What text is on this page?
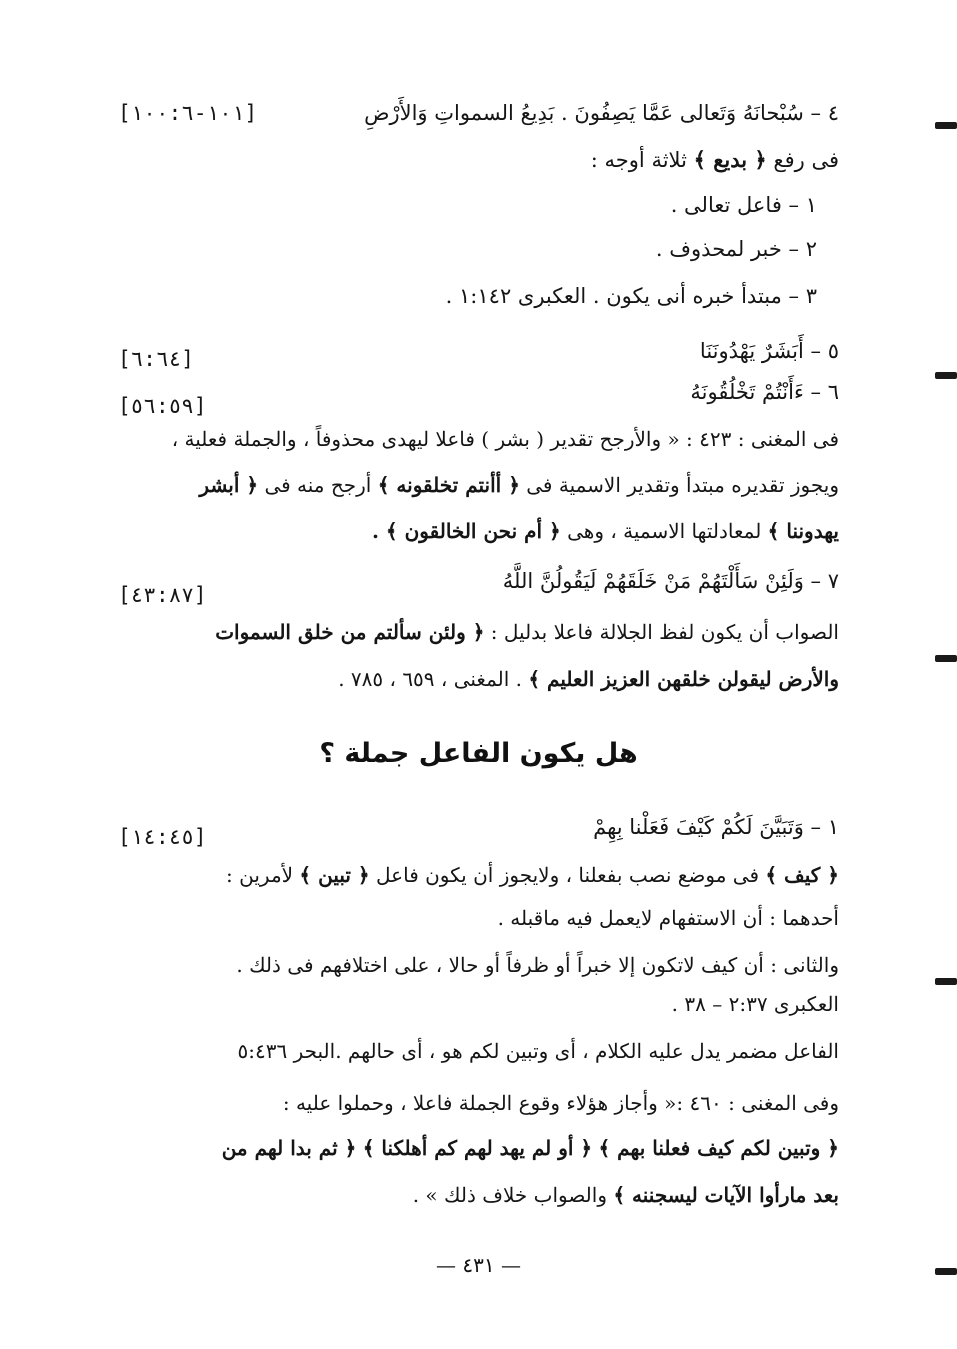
٤ – سُبْحانَهُ وَتَعالى عَمَّا يَصِفُونَ . بَدِيعُ السمواتِ وَالأَرْضِ
[١٠١-١٠٠:٦]
فى رفع ﴿ بديع ﴾ ثلاثة أوجه :
١ – فاعل تعالى .
٢ – خبر لمحذوف .
٣ – مبتدأ خبره أنى يكون . العكبرى ١:١٤٢ .
٥ – أَبَشَرٌ يَهْدُونَنَا
[٦:٦٤]
٦ – ءَأَنْتُمْ تَخْلُقُونَهُ
[٥٦:٥٩]
فى المغنى : ٤٢٣ : « والأرجح تقدير ( بشر ) فاعلا ليهدى محذوفاً ، والجملة فعلية ،
ويجوز تقديره مبتدأ وتقدير الاسمية فى ﴿ أأنتم تخلقونه ﴾ أرجح منه فى ﴿ أبشر
يهدوننا ﴾ لمعادلتها الاسمية ، وهى ﴿ أم نحن الخالقون ﴾ .
٧ – وَلَئِنْ سَأَلْتَهُمْ مَنْ خَلَقَهُمْ لَيَقُولُنَّ اللَّهُ
[٤٣:٨٧]
الصواب أن يكون لفظ الجلالة فاعلا بدليل : ﴿ ولئن سألتم من خلق السموات
والأرض ليقولن خلقهن العزيز العليم ﴾ . المغنى ، ٦٥٩ ، ٧٨٥ .
هل يكون الفاعل جملة ؟
١ – وَتَبَيَّنَ لَكُمْ كَيْفَ فَعَلْنا بِهِمْ
[١٤:٤٥]
﴿ كيف ﴾ فى موضع نصب بفعلنا ، ولايجوز أن يكون فاعل ﴿ تبين ﴾ لأمرين :
أحدهما : أن الاستفهام لايعمل فيه ماقبله .
والثانى : أن كيف لاتكون إلا خبراً أو ظرفاً أو حالا ، على اختلافهم فى ذلك .
العكبرى ٢:٣٧ – ٣٨ .
الفاعل مضمر يدل عليه الكلام ، أى وتبين لكم هو ، أى حالهم .البحر ٥:٤٣٦
وفى المغنى : ٤٦٠ :« وأجاز هؤلاء وقوع الجملة فاعلا ، وحملوا عليه :
﴿ وتبين لكم كيف فعلنا بهم ﴾ ﴿ أو لم يهد لهم كم أهلكنا ﴾ ﴿ ثم بدا لهم من
بعد مارأوا الآيات ليسجننه ﴾ والصواب خلاف ذلك » .
— ٤٣١ —
